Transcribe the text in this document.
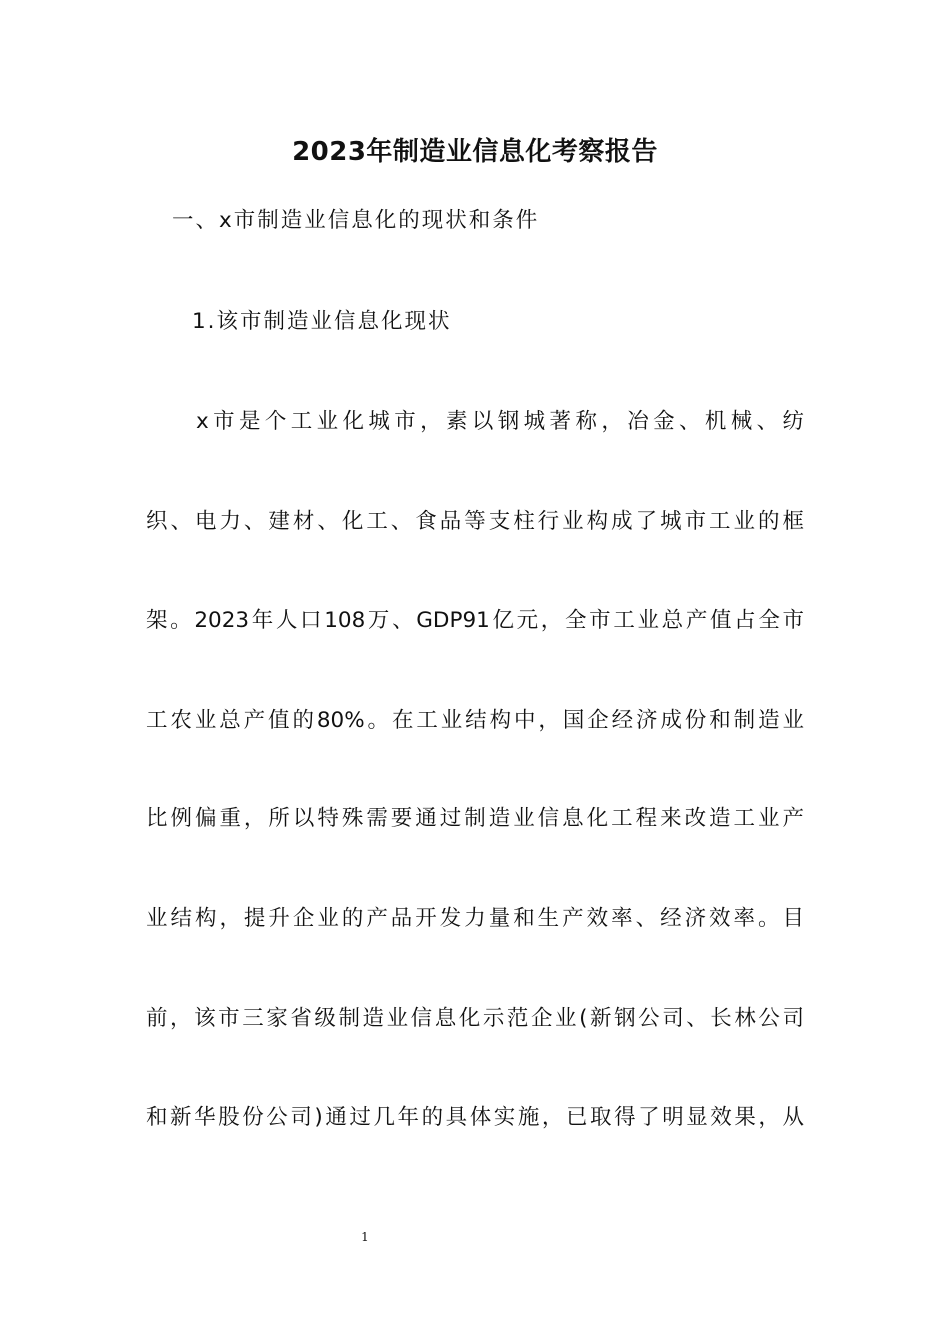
2023年制造业信息化考察报告
一、x市制造业信息化的现状和条件
1.该市制造业信息化现状
x市是个工业化城市，素以钢城著称，冶金、机械、纺
织、电力、建材、化工、食品等支柱行业构成了城市工业的框
架。2023年人口108万、GDP91亿元，全市工业总产值占全市
工农业总产值的80%。在工业结构中，国企经济成份和制造业
比例偏重，所以特殊需要通过制造业信息化工程来改造工业产
业结构，提升企业的产品开发力量和生产效率、经济效率。目
前，该市三家省级制造业信息化示范企业(新钢公司、长林公司
和新华股份公司)通过几年的具体实施，已取得了明显效果，从
1
